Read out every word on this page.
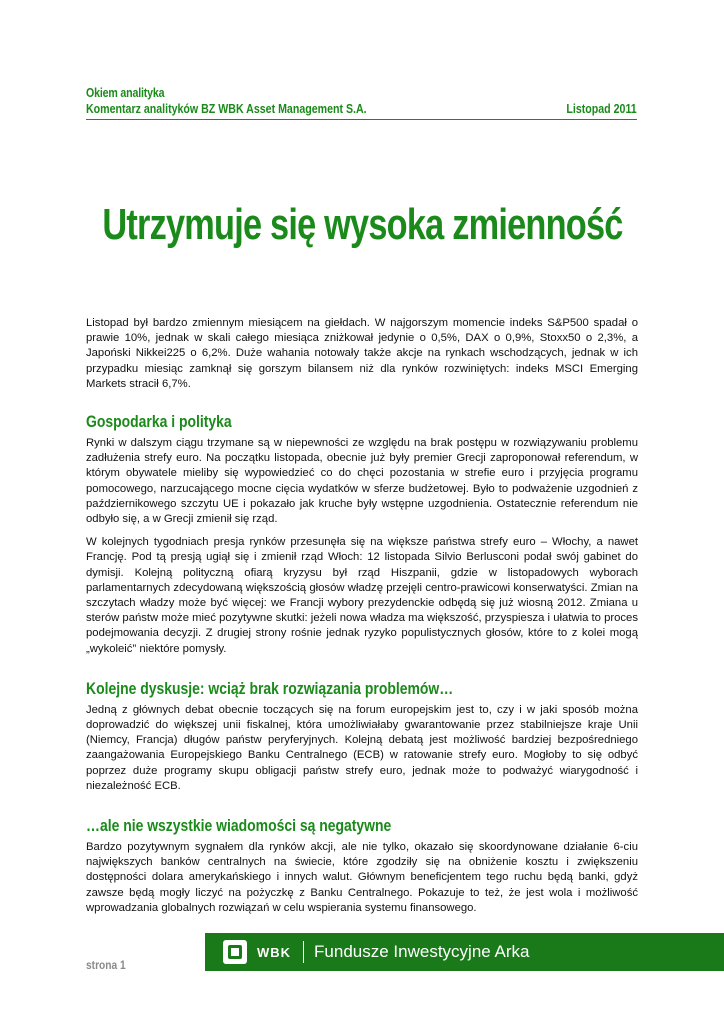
Okiem analityka
Komentarz analityków BZ WBK Asset Management S.A.	Listopad 2011
Utrzymuje się wysoka zmienność

Listopad był bardzo zmiennym miesiącem na giełdach. W najgorszym momencie indeks S&P500 spadał o prawie 10%, jednak w skali całego miesiąca zniżkował jedynie o 0,5%, DAX o 0,9%, Stoxx50 o 2,3%, a Japoński Nikkei225 o 6,2%. Duże wahania notowały także akcje na rynkach wschodzących, jednak w ich przypadku miesiąc zamknął się gorszym bilansem niż dla rynków rozwiniętych: indeks MSCI Emerging Markets stracił 6,7%.

Gospodarka i polityka

Rynki w dalszym ciągu trzymane są w niepewności ze względu na brak postępu w rozwiązywaniu problemu zadłużenia strefy euro. Na początku listopada, obecnie już były premier Grecji zaproponował referendum, w którym obywatele mieliby się wypowiedzieć co do chęci pozostania w strefie euro i przyjęcia programu pomocowego, narzucającego mocne cięcia wydatków w sferze budżetowej. Było to podważenie uzgodnień z październikowego szczytu UE i pokazało jak kruche były wstępne uzgodnienia. Ostatecznie referendum nie odbyło się, a w Grecji zmienił się rząd.

W kolejnych tygodniach presja rynków przesunęła się na większe państwa strefy euro – Włochy, a nawet Francję. Pod tą presją ugiął się i zmienił rząd Włoch: 12 listopada Silvio Berlusconi podał swój gabinet do dymisji. Kolejną polityczną ofiarą kryzysu był rząd Hiszpanii, gdzie w listopadowych wyborach parlamentarnych zdecydowaną większością głosów władzę przejęli centro-prawicowi konserwatyści. Zmian na szczytach władzy może być więcej: we Francji wybory prezydenckie odbędą się już wiosną 2012. Zmiana u sterów państw może mieć pozytywne skutki: jeżeli nowa władza ma większość, przyspiesza i ułatwia to proces podejmowania decyzji. Z drugiej strony rośnie jednak ryzyko populistycznych głosów, które to z kolei mogą „wykoleić” niektóre pomysły.

Kolejne dyskusje: wciąż brak rozwiązania problemów…

Jedną z głównych debat obecnie toczących się na forum europejskim jest to, czy i w jaki sposób można doprowadzić do większej unii fiskalnej, która umożliwiałaby gwarantowanie przez stabilniejsze kraje Unii (Niemcy, Francja) długów państw peryferyjnych. Kolejną debatą jest możliwość bardziej bezpośredniego zaangażowania Europejskiego Banku Centralnego (ECB) w ratowanie strefy euro. Mogłoby to się odbyć poprzez duże programy skupu obligacji państw strefy euro, jednak może to podważyć wiarygodność i niezależność ECB.

…ale nie wszystkie wiadomości są negatywne

Bardzo pozytywnym sygnałem dla rynków akcji, ale nie tylko, okazało się skoordynowane działanie 6-ciu największych banków centralnych na świecie, które zgodziły się na obniżenie kosztu i zwiększeniu dostępności dolara amerykańskiego i innych walut. Głównym beneficjentem tego ruchu będą banki, gdyż zawsze będą mogły liczyć na pożyczkę z Banku Centralnego. Pokazuje to też, że jest wola i możliwość wprowadzania globalnych rozwiązań w celu wspierania systemu finansowego.

strona 1
WBK Fundusze Inwestycyjne Arka
